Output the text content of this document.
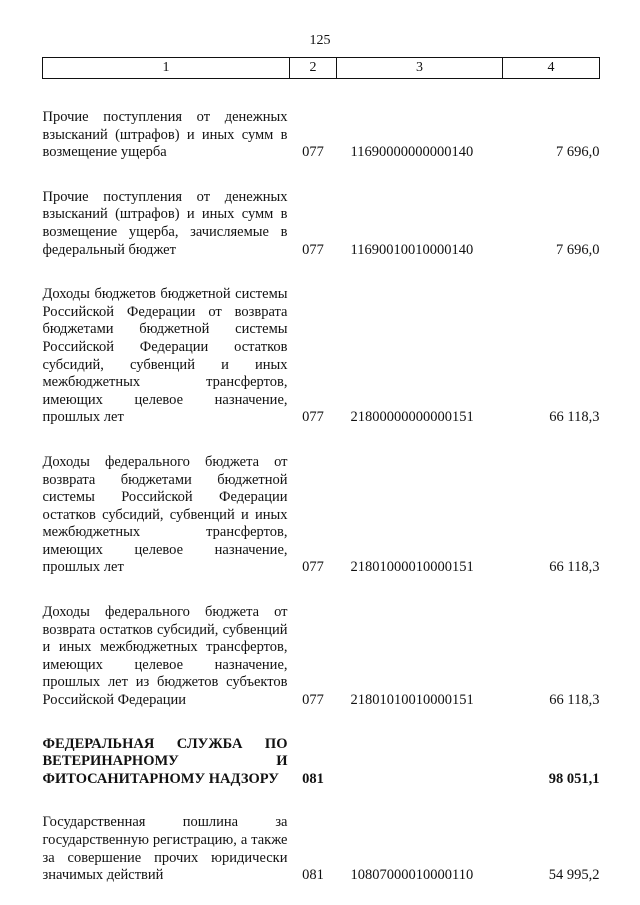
125
1	2	3	4

Прочие поступления от денежных взысканий (штрафов) и иных сумм в возмещение ущерба	077	11690000000000140	7 696,0

Прочие поступления от денежных взысканий (штрафов) и иных сумм в возмещение ущерба, зачисляемые в федеральный бюджет	077	11690010010000140	7 696,0

Доходы бюджетов бюджетной системы Российской Федерации от возврата бюджетами бюджетной системы Российской Федерации остатков субсидий, субвенций и иных межбюджетных трансфертов, имеющих целевое назначение, прошлых лет	077	21800000000000151	66 118,3

Доходы федерального бюджета от возврата бюджетами бюджетной системы Российской Федерации остатков субсидий, субвенций и иных межбюджетных трансфертов, имеющих целевое назначение, прошлых лет	077	21801000010000151	66 118,3

Доходы федерального бюджета от возврата остатков субсидий, субвенций и иных межбюджетных трансфертов, имеющих целевое назначение, прошлых лет из бюджетов субъектов Российской Федерации	077	21801010010000151	66 118,3

ФЕДЕРАЛЬНАЯ СЛУЖБА ПО ВЕТЕРИНАРНОМУ И ФИТОСАНИТАРНОМУ НАДЗОРУ	081		98 051,1

Государственная пошлина за государственную регистрацию, а также за совершение прочих юридически значимых действий	081	10807000010000110	54 995,2
